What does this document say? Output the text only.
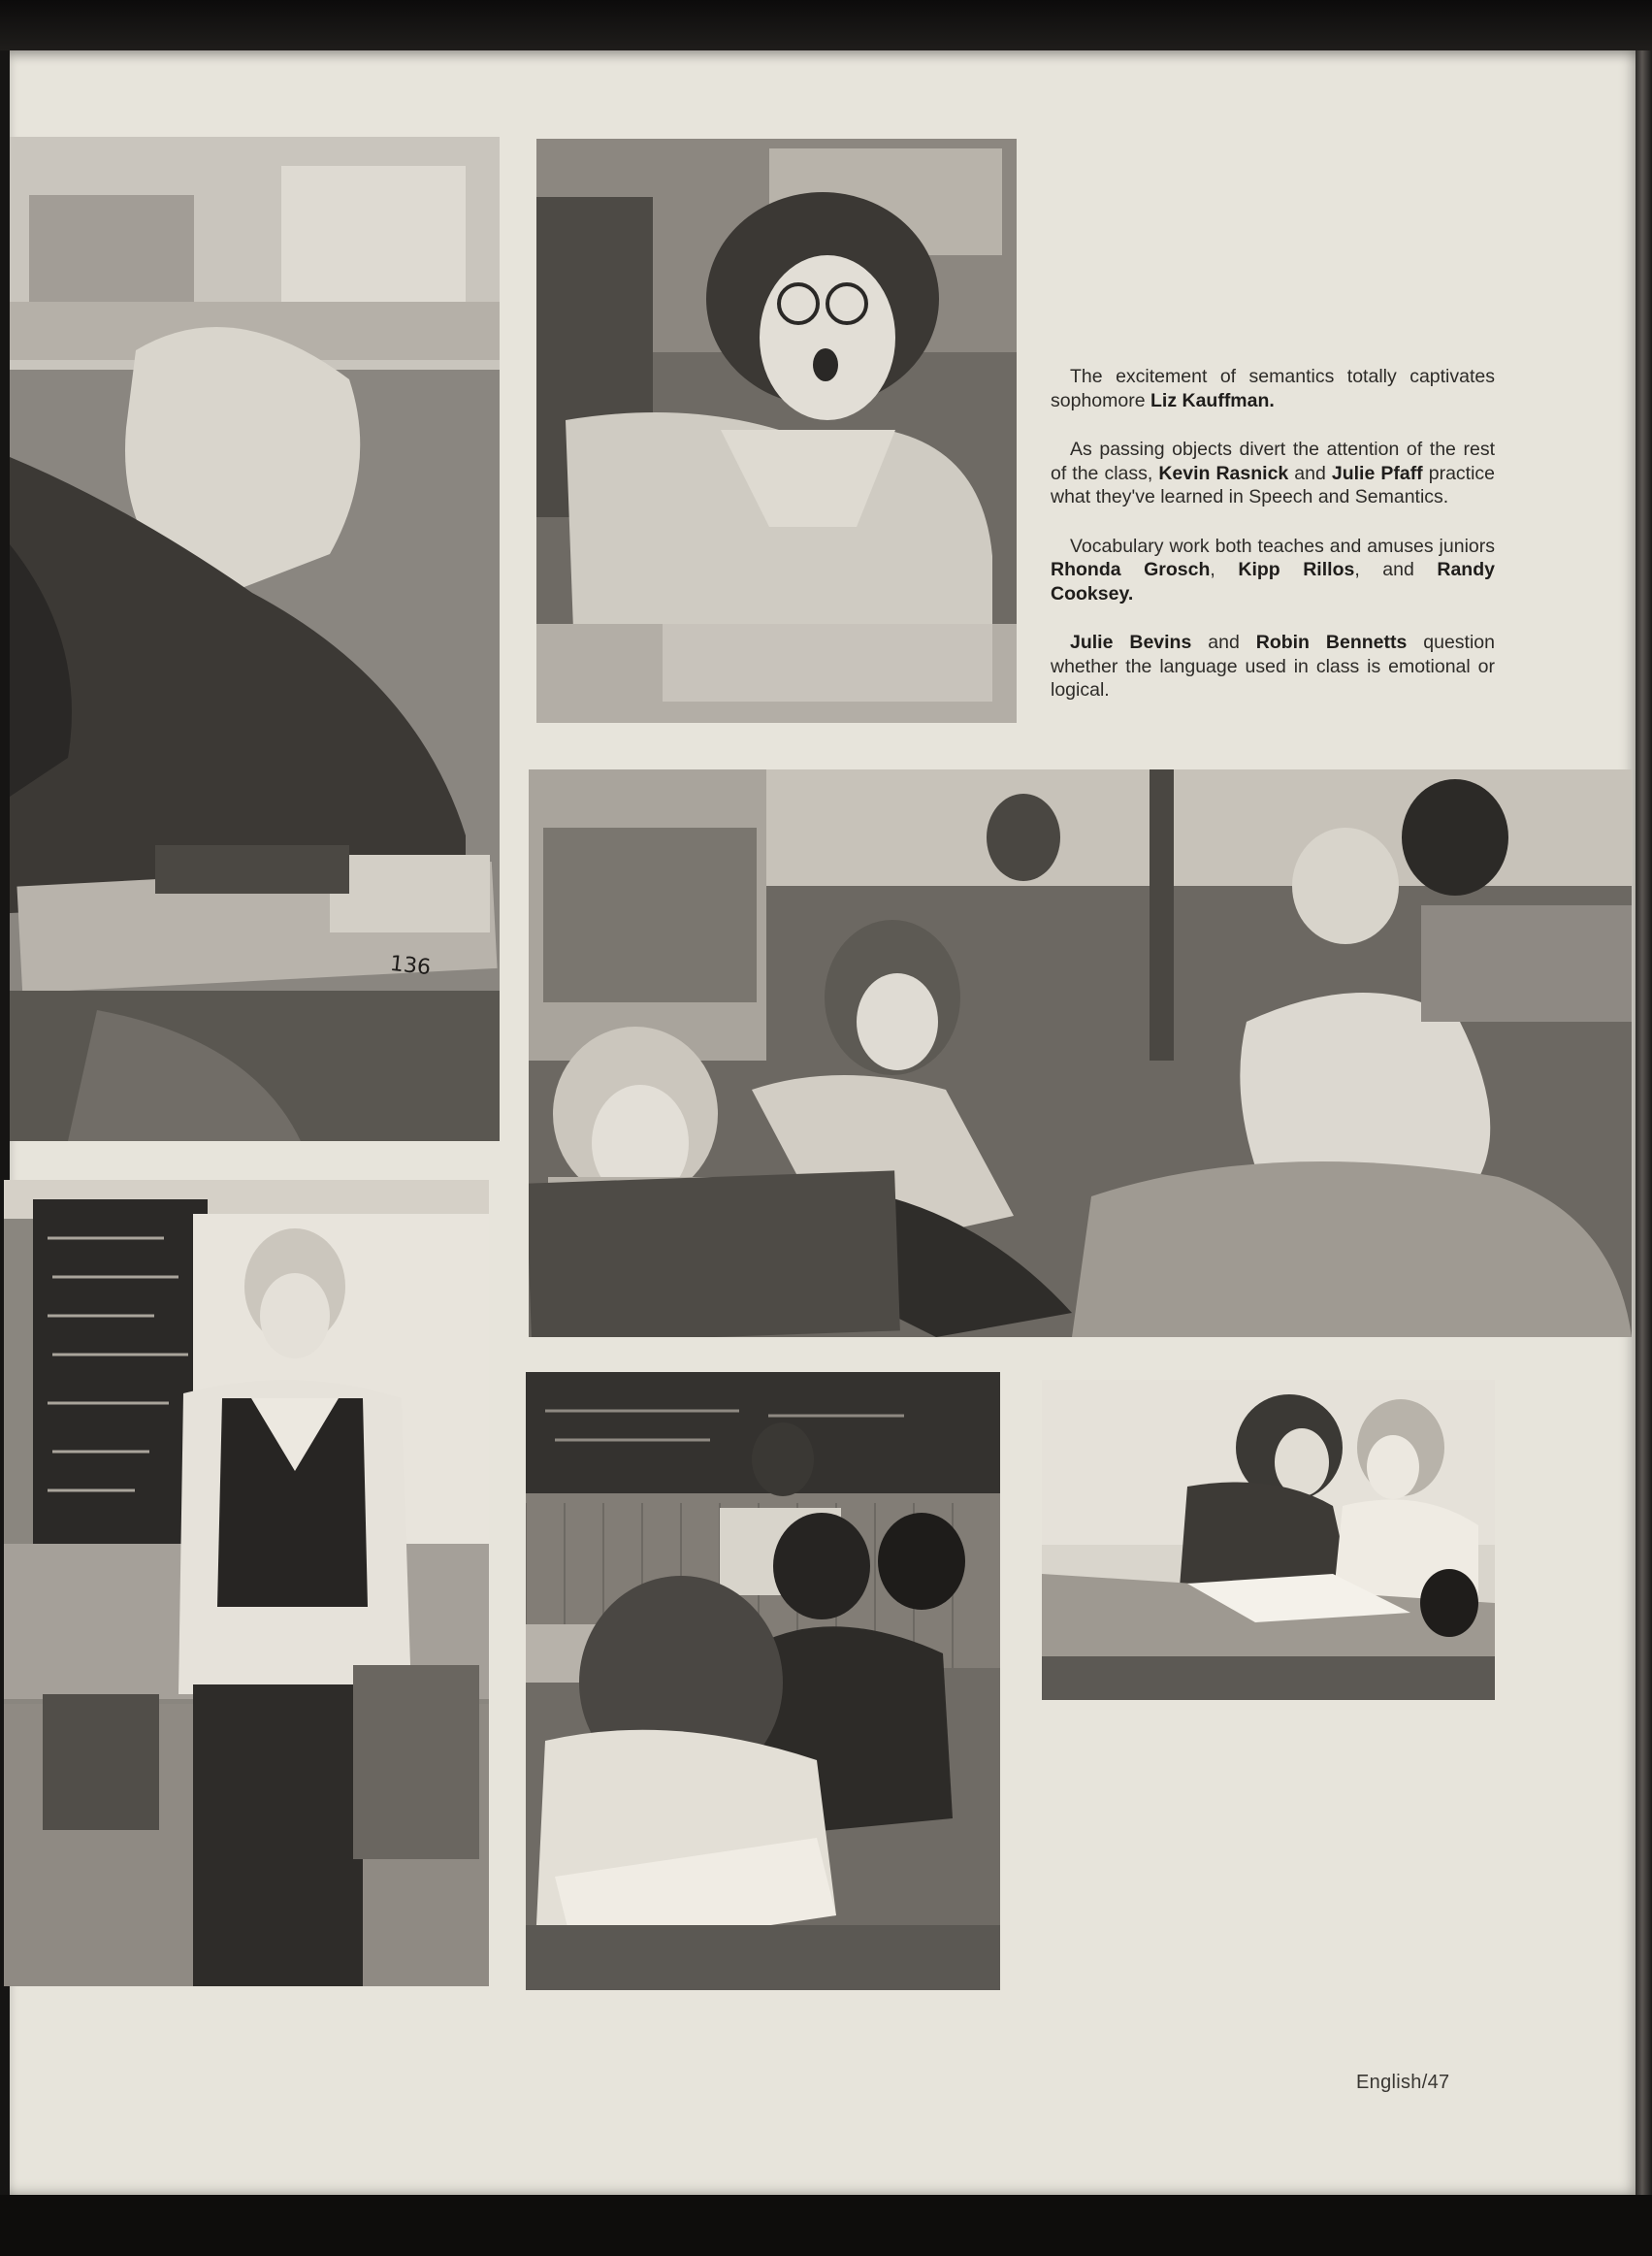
136

The excitement of semantics totally captivates sophomore Liz Kauffman.

As passing objects divert the attention of the rest of the class, Kevin Rasnick and Julie Pfaff practice what they've learned in Speech and Semantics.

Vocabulary work both teaches and amuses juniors Rhonda Grosch, Kipp Rillos, and Randy Cooksey.

Julie Bevins and Robin Bennetts question whether the language used in class is emotional or logical.

English/47
